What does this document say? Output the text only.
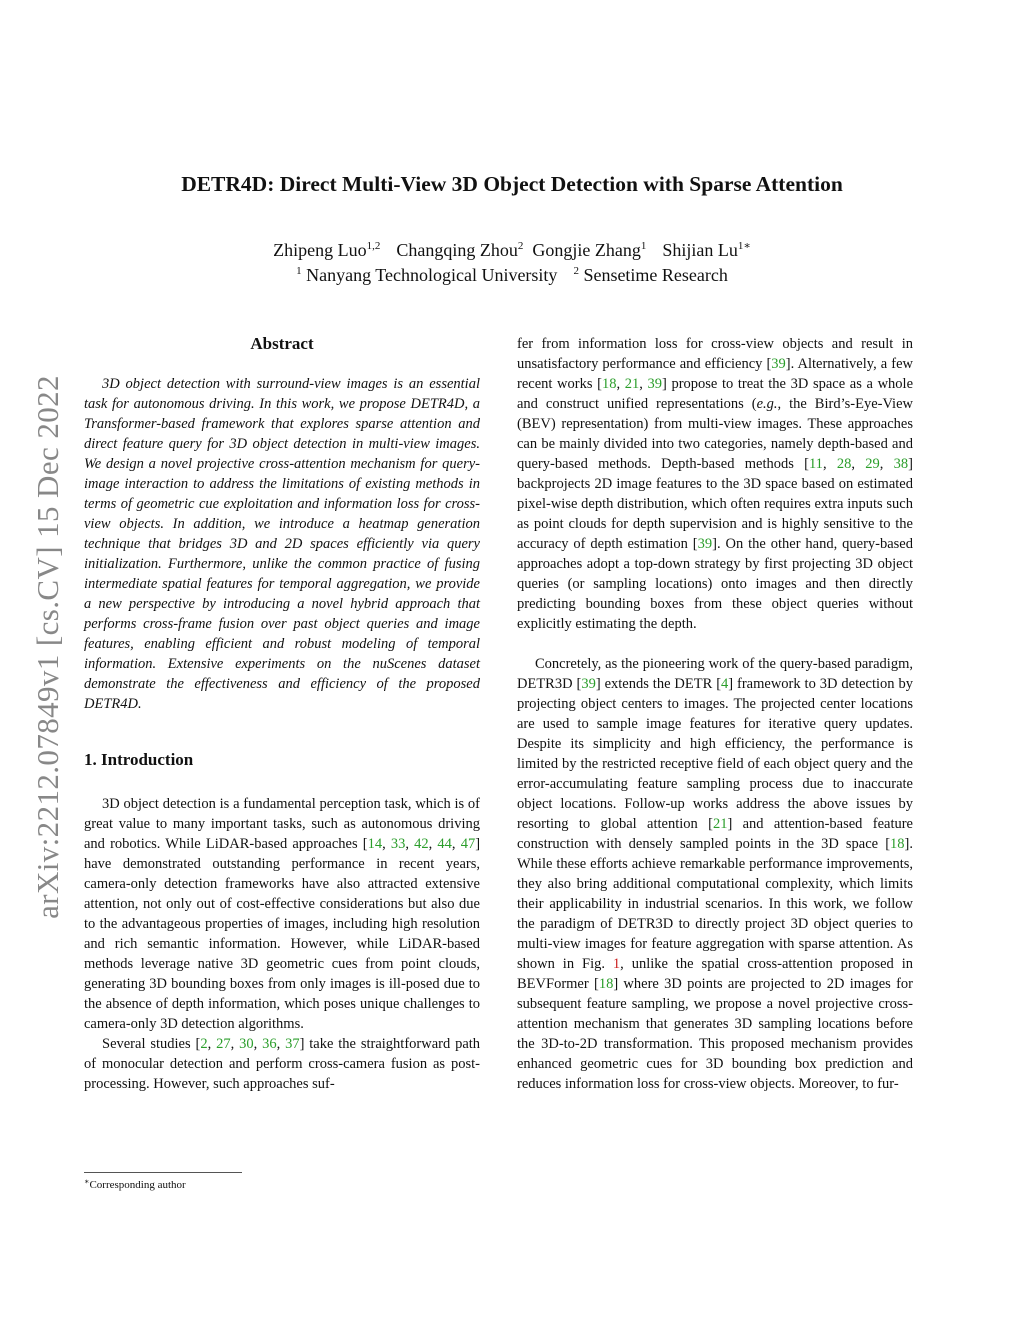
arXiv:2212.07849v1 [cs.CV] 15 Dec 2022
DETR4D: Direct Multi-View 3D Object Detection with Sparse Attention
Zhipeng Luo$^{1,2}$ Changqing Zhou$^2$ Gongjie Zhang$^1$ Shijian $Lu^{1∗}$
$^1$ Nanyang Technological University $^2$ Sensetime Research
Abstract

3D object detection with surround-view images is an essential task for autonomous driving. In this work, we propose DETR4D, a Transformer-based framework that explores sparse attention and direct feature query for 3D object detection in multi-view images. We design a novel projective cross-attention mechanism for query-image interaction to address the limitations of existing methods in terms of geometric cue exploitation and information loss for cross-view objects. In addition, we introduce a heatmap generation technique that bridges 3D and 2D spaces efficiently via query initialization. Furthermore, unlike the common practice of fusing intermediate spatial features for temporal aggregation, we provide a new perspective by introducing a novel hybrid approach that performs cross-frame fusion over past object queries and image features, enabling efficient and robust modeling of temporal information. Extensive experiments on the nuScenes dataset demonstrate the effectiveness and efficiency of the proposed DETR4D.

1. Introduction

3D object detection is a fundamental perception task, which is of great value to many important tasks, such as autonomous driving and robotics. While LiDAR-based approaches [14, 33, 42, 44, 47] have demonstrated outstanding performance in recent years, camera-only detection frameworks have also attracted extensive attention, not only out of cost-effective considerations but also due to the advantageous properties of images, including high resolution and rich semantic information. However, while LiDAR-based methods leverage native 3D geometric cues from point clouds, generating 3D bounding boxes from only images is ill-posed due to the absence of depth information, which poses unique challenges to camera-only 3D detection algorithms.

Several studies [2, 27, 30, 36, 37] take the straightforward path of monocular detection and perform cross-camera fusion as post-processing. However, such approaches suf-

fer from information loss for cross-view objects and result in unsatisfactory performance and efficiency [39]. Alternatively, a few recent works [18, 21, 39] propose to treat the 3D space as a whole and construct unified representations (e.g., the Bird’s-Eye-View (BEV) representation) from multi-view images. These approaches can be mainly divided into two categories, namely depth-based and query-based methods. Depth-based methods [11, 28, 29, 38] backprojects 2D image features to the 3D space based on estimated pixel-wise depth distribution, which often requires extra inputs such as point clouds for depth supervision and is highly sensitive to the accuracy of depth estimation [39]. On the other hand, query-based approaches adopt a top-down strategy by first projecting 3D object queries (or sampling locations) onto images and then directly predicting bounding boxes from these object queries without explicitly estimating the depth.

Concretely, as the pioneering work of the query-based paradigm, DETR3D [39] extends the DETR [4] framework to 3D detection by projecting object centers to images. The projected center locations are used to sample image features for iterative query updates. Despite its simplicity and high efficiency, the performance is limited by the restricted receptive field of each object query and the error-accumulating feature sampling process due to inaccurate object locations. Follow-up works address the above issues by resorting to global attention [21] and attention-based feature construction with densely sampled points in the 3D space [18]. While these efforts achieve remarkable performance improvements, they also bring additional computational complexity, which limits their applicability in industrial scenarios. In this work, we follow the paradigm of DETR3D to directly project 3D object queries to multi-view images for feature aggregation with sparse attention. As shown in Fig. 1, unlike the spatial cross-attention proposed in BEVFormer [18] where 3D points are projected to 2D images for subsequent feature sampling, we propose a novel projective cross-attention mechanism that generates 3D sampling locations before the 3D-to-2D transformation. This proposed mechanism provides enhanced geometric cues for 3D bounding box prediction and reduces information loss for cross-view objects. Moreover, to fur-

∗Corresponding author
